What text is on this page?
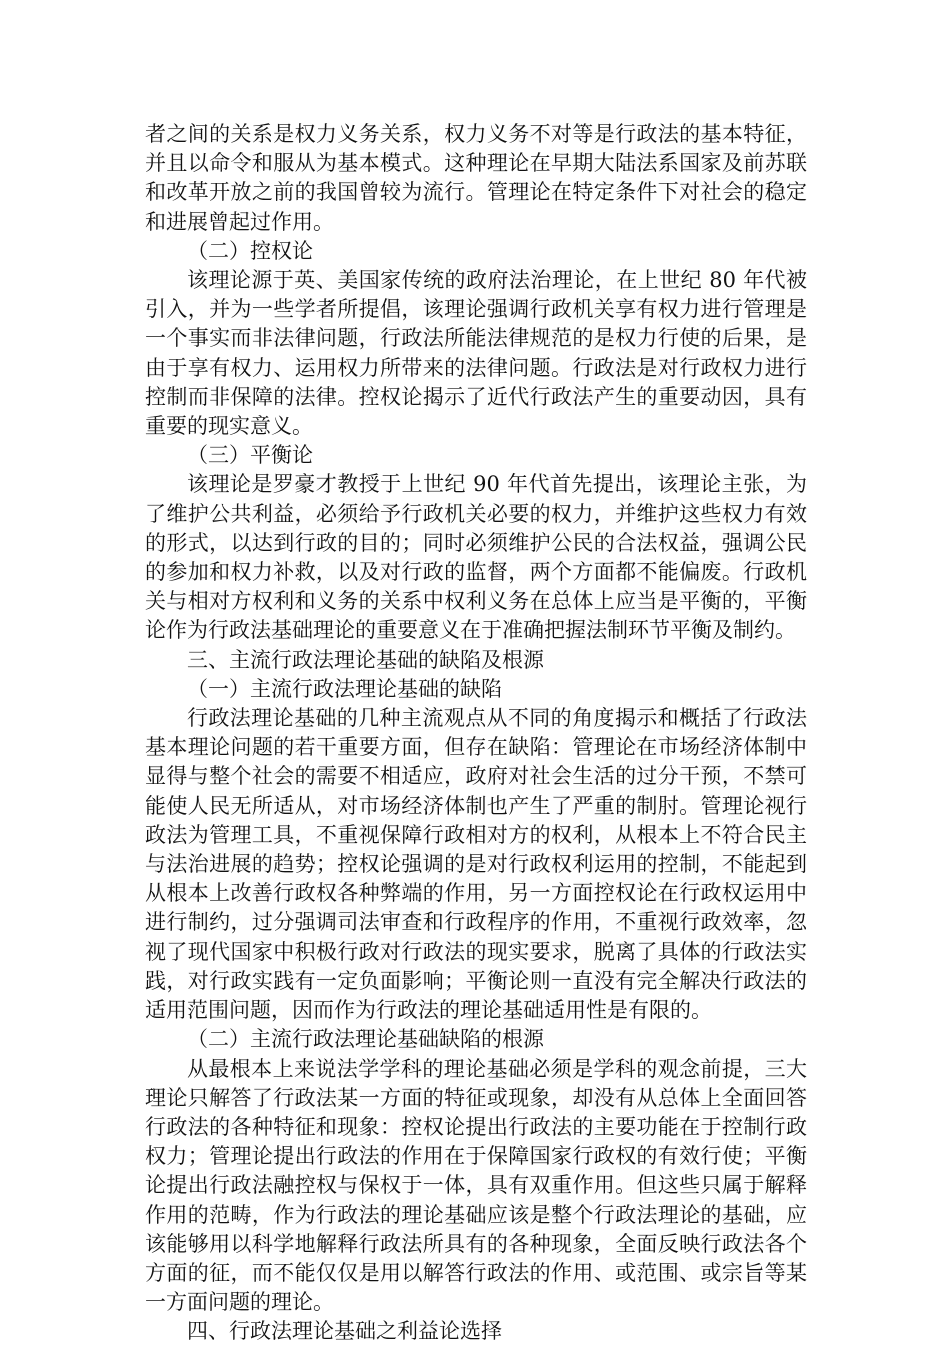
者之间的关系是权力义务关系，权力义务不对等是行政法的基本特征，并且以命令和服从为基本模式。这种理论在早期大陆法系国家及前苏联和改革开放之前的我国曾较为流行。管理论在特定条件下对社会的稳定和进展曾起过作用。

（二）控权论

该理论源于英、美国家传统的政府法治理论，在上世纪 80 年代被引入，并为一些学者所提倡，该理论强调行政机关享有权力进行管理是一个事实而非法律问题，行政法所能法律规范的是权力行使的后果，是由于享有权力、运用权力所带来的法律问题。行政法是对行政权力进行控制而非保障的法律。控权论揭示了近代行政法产生的重要动因，具有重要的现实意义。

（三）平衡论

该理论是罗豪才教授于上世纪 90 年代首先提出，该理论主张，为了维护公共利益，必须给予行政机关必要的权力，并维护这些权力有效的形式，以达到行政的目的；同时必须维护公民的合法权益，强调公民的参加和权力补救，以及对行政的监督，两个方面都不能偏废。行政机关与相对方权利和义务的关系中权利义务在总体上应当是平衡的，平衡论作为行政法基础理论的重要意义在于准确把握法制环节平衡及制约。

三、主流行政法理论基础的缺陷及根源

（一）主流行政法理论基础的缺陷

行政法理论基础的几种主流观点从不同的角度揭示和概括了行政法基本理论问题的若干重要方面，但存在缺陷：管理论在市场经济体制中显得与整个社会的需要不相适应，政府对社会生活的过分干预，不禁可能使人民无所适从，对市场经济体制也产生了严重的制肘。管理论视行政法为管理工具，不重视保障行政相对方的权利，从根本上不符合民主与法治进展的趋势；控权论强调的是对行政权利运用的控制，不能起到从根本上改善行政权各种弊端的作用，另一方面控权论在行政权运用中进行制约，过分强调司法审查和行政程序的作用，不重视行政效率，忽视了现代国家中积极行政对行政法的现实要求，脱离了具体的行政法实践，对行政实践有一定负面影响；平衡论则一直没有完全解决行政法的适用范围问题，因而作为行政法的理论基础适用性是有限的。

（二）主流行政法理论基础缺陷的根源

从最根本上来说法学学科的理论基础必须是学科的观念前提，三大理论只解答了行政法某一方面的特征或现象，却没有从总体上全面回答行政法的各种特征和现象：控权论提出行政法的主要功能在于控制行政权力；管理论提出行政法的作用在于保障国家行政权的有效行使；平衡论提出行政法融控权与保权于一体，具有双重作用。但这些只属于解释作用的范畴，作为行政法的理论基础应该是整个行政法理论的基础，应该能够用以科学地解释行政法所具有的各种现象，全面反映行政法各个方面的征，而不能仅仅是用以解答行政法的作用、或范围、或宗旨等某一方面问题的理论。

四、行政法理论基础之利益论选择
